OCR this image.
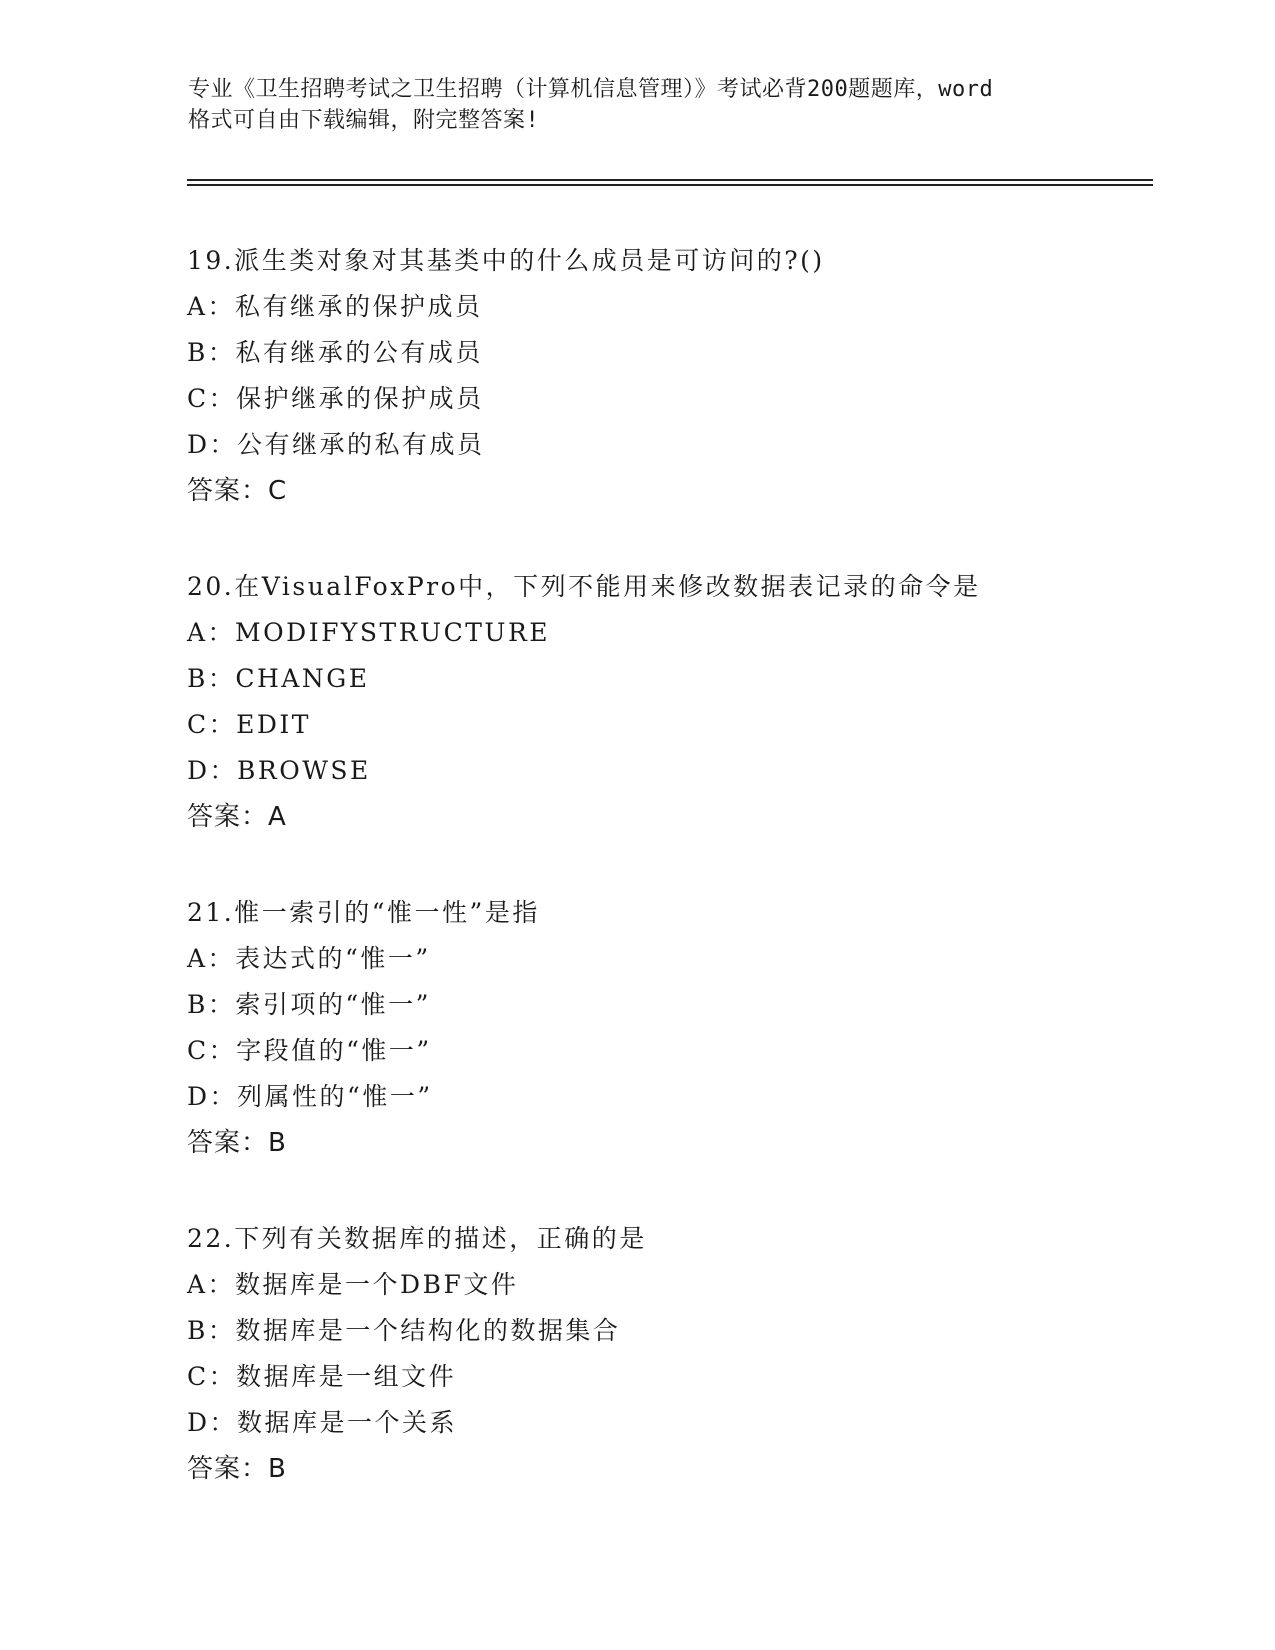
专业《卫生招聘考试之卫生招聘（计算机信息管理）》考试必背200题题库，word
格式可自由下载编辑，附完整答案!
19.派生类对象对其基类中的什么成员是可访问的?()
A：私有继承的保护成员
B：私有继承的公有成员
C：保护继承的保护成员
D：公有继承的私有成员
答案：C
20.在VisualFoxPro中，下列不能用来修改数据表记录的命令是
A：MODIFYSTRUCTURE
B：CHANGE
C：EDIT
D：BROWSE
答案：A
21.惟一索引的“惟一性”是指
A：表达式的“惟一”
B：索引项的“惟一”
C：字段值的“惟一”
D：列属性的“惟一”
答案：B
22.下列有关数据库的描述，正确的是
A：数据库是一个DBF文件
B：数据库是一个结构化的数据集合
C：数据库是一组文件
D：数据库是一个关系
答案：B
